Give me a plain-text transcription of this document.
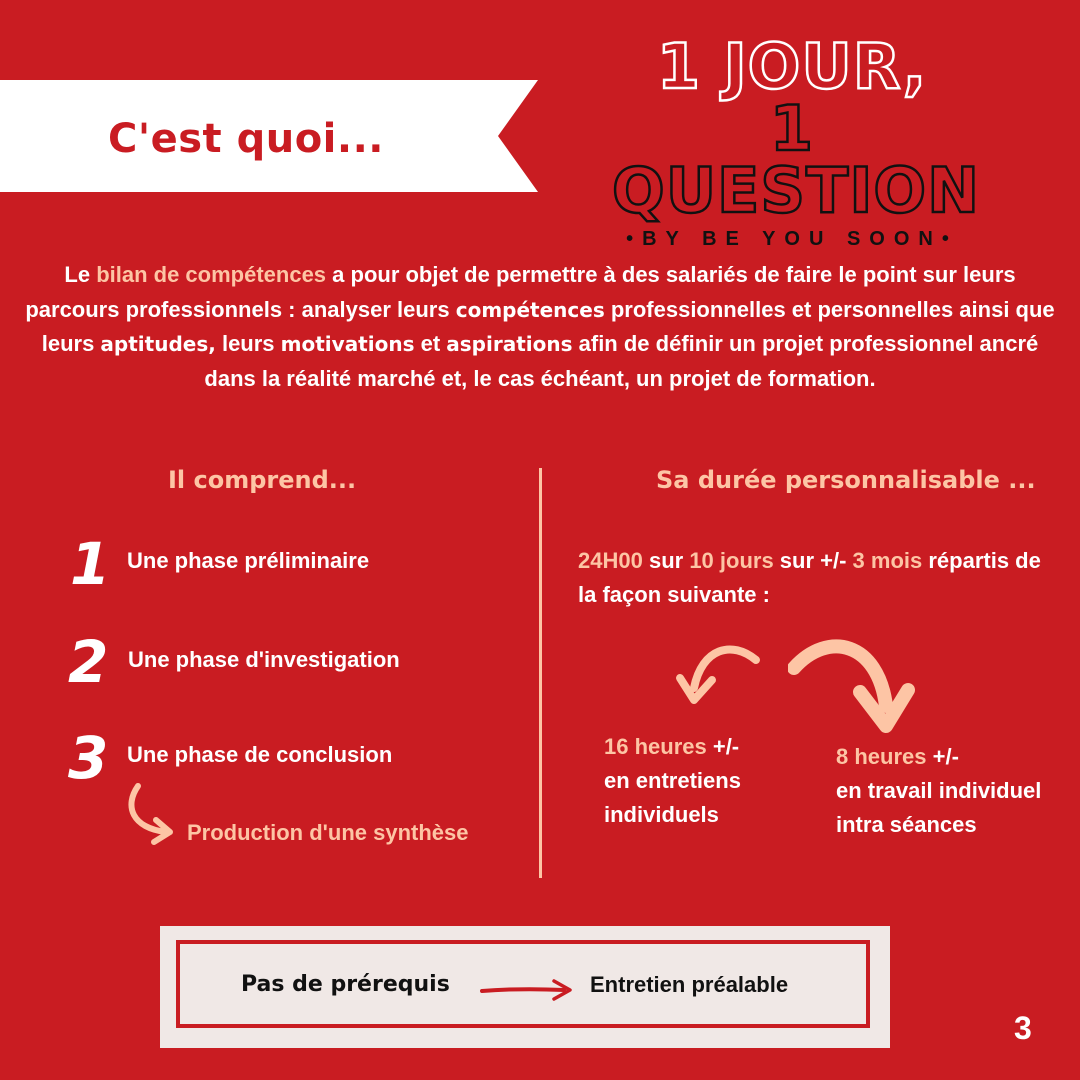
C'est quoi...
1 JOUR,
1 QUESTION
•BY BE YOU SOON•
Le bilan de compétences a pour objet de permettre à des salariés de faire le point sur leurs parcours professionnels : analyser leurs compétences professionnelles et personnelles ainsi que leurs aptitudes, leurs motivations et aspirations afin de définir un projet professionnel ancré dans la réalité marché et, le cas échéant, un projet de formation.
Il comprend...	Sa durée personnalisable ...
1 Une phase préliminaire
2 Une phase d'investigation
3 Une phase de conclusion
Production d'une synthèse
24H00 sur 10 jours sur +/- 3 mois répartis de la façon suivante :
16 heures +/-
en entretiens
individuels
8 heures +/-
en travail individuel
intra séances
Pas de prérequis	Entretien préalable
3
